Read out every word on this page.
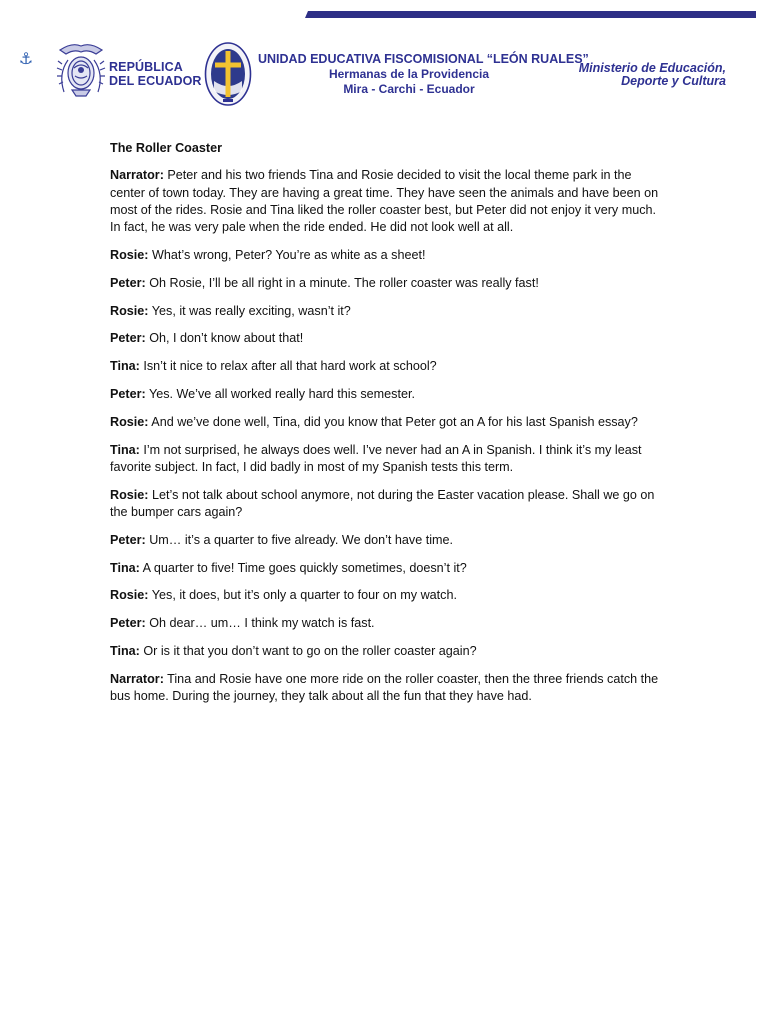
⚓	REPÚBLICA
DEL ECUADOR
UNIDAD EDUCATIVA FISCOMISIONAL “LEÓN RUALES”
Hermanas de la Providencia
Mira - Carchi - Ecuador
Ministerio de Educación,
Deporte y Cultura

The Roller Coaster

Narrator: Peter and his two friends Tina and Rosie decided to visit the local theme park in the center of town today. They are having a great time. They have seen the animals and have been on most of the rides. Rosie and Tina liked the roller coaster best, but Peter did not enjoy it very much. In fact, he was very pale when the ride ended. He did not look well at all.

Rosie: What’s wrong, Peter? You’re as white as a sheet!

Peter: Oh Rosie, I’ll be all right in a minute. The roller coaster was really fast!

Rosie: Yes, it was really exciting, wasn’t it?

Peter: Oh, I don’t know about that!

Tina: Isn’t it nice to relax after all that hard work at school?

Peter: Yes. We’ve all worked really hard this semester.

Rosie: And we’ve done well, Tina, did you know that Peter got an A for his last Spanish essay?

Tina: I’m not surprised, he always does well. I’ve never had an A in Spanish. I think it’s my least favorite subject. In fact, I did badly in most of my Spanish tests this term.

Rosie: Let’s not talk about school anymore, not during the Easter vacation please. Shall we go on the bumper cars again?

Peter: Um… it’s a quarter to five already. We don’t have time.

Tina: A quarter to five! Time goes quickly sometimes, doesn’t it?

Rosie: Yes, it does, but it’s only a quarter to four on my watch.

Peter: Oh dear… um… I think my watch is fast.

Tina: Or is it that you don’t want to go on the roller coaster again?

Narrator: Tina and Rosie have one more ride on the roller coaster, then the three friends catch the bus home. During the journey, they talk about all the fun that they have had.
